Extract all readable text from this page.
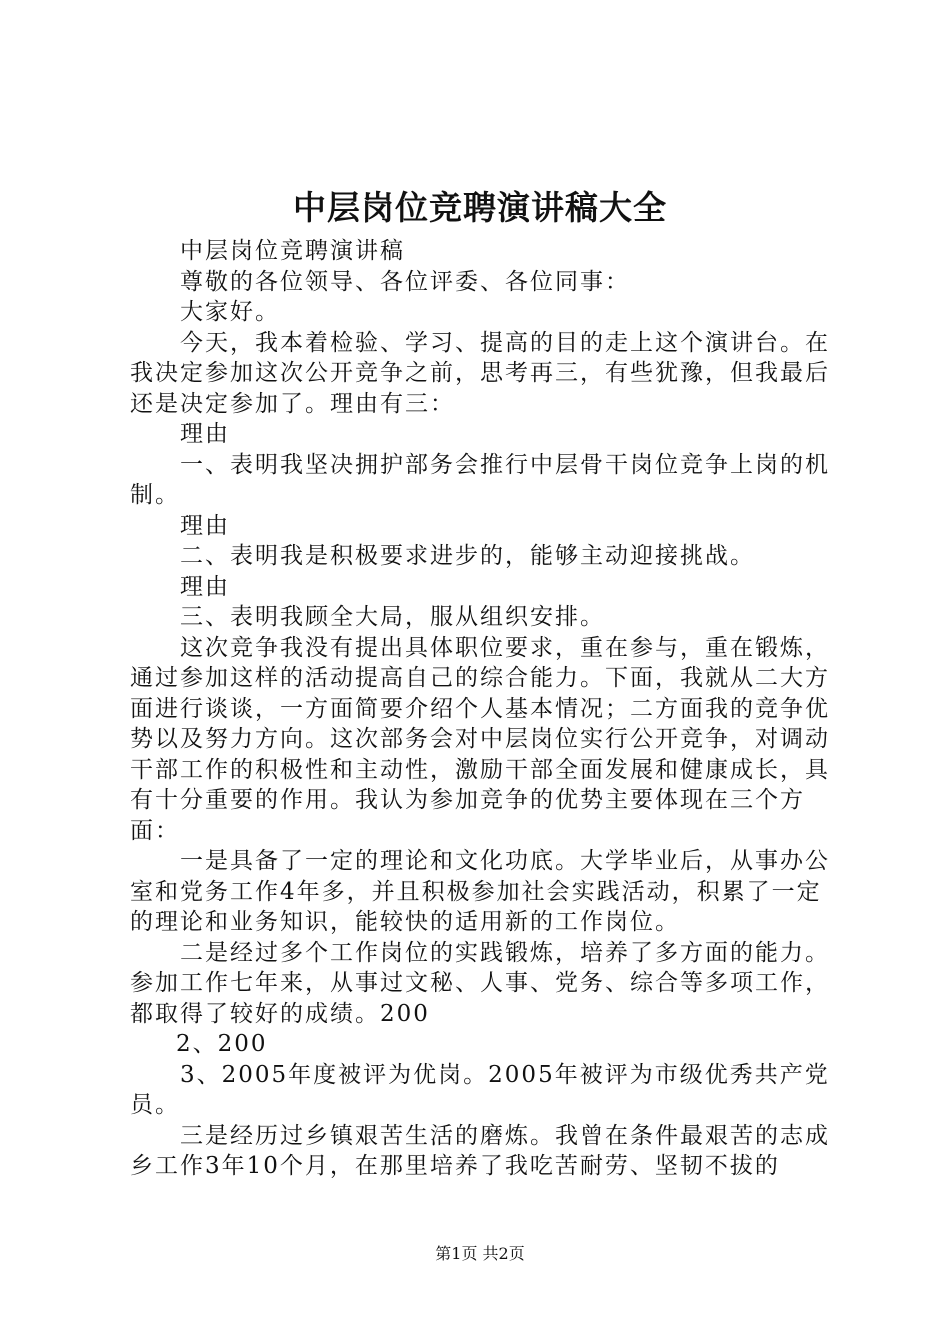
中层岗位竞聘演讲稿大全

中层岗位竞聘演讲稿

尊敬的各位领导、各位评委、各位同事：

大家好。

今天，我本着检验、学习、提高的目的走上这个演讲台。在我决定参加这次公开竞争之前，思考再三，有些犹豫，但我最后还是决定参加了。理由有三：

理由

一、表明我坚决拥护部务会推行中层骨干岗位竞争上岗的机制。

理由

二、表明我是积极要求进步的，能够主动迎接挑战。

理由

三、表明我顾全大局，服从组织安排。

这次竞争我没有提出具体职位要求，重在参与，重在锻炼，通过参加这样的活动提高自己的综合能力。下面，我就从二大方面进行谈谈，一方面简要介绍个人基本情况；二方面我的竞争优势以及努力方向。这次部务会对中层岗位实行公开竞争，对调动干部工作的积极性和主动性，激励干部全面发展和健康成长，具有十分重要的作用。我认为参加竞争的优势主要体现在三个方面：

一是具备了一定的理论和文化功底。大学毕业后，从事办公室和党务工作4年多，并且积极参加社会实践活动，积累了一定的理论和业务知识，能较快的适用新的工作岗位。

二是经过多个工作岗位的实践锻炼，培养了多方面的能力。参加工作七年来，从事过文秘、人事、党务、综合等多项工作，都取得了较好的成绩。200

2、200

3、2005年度被评为优岗。2005年被评为市级优秀共产党员。

三是经历过乡镇艰苦生活的磨炼。我曾在条件最艰苦的志成乡工作3年10个月，在那里培养了我吃苦耐劳、坚韧不拔的

第1页 共2页
